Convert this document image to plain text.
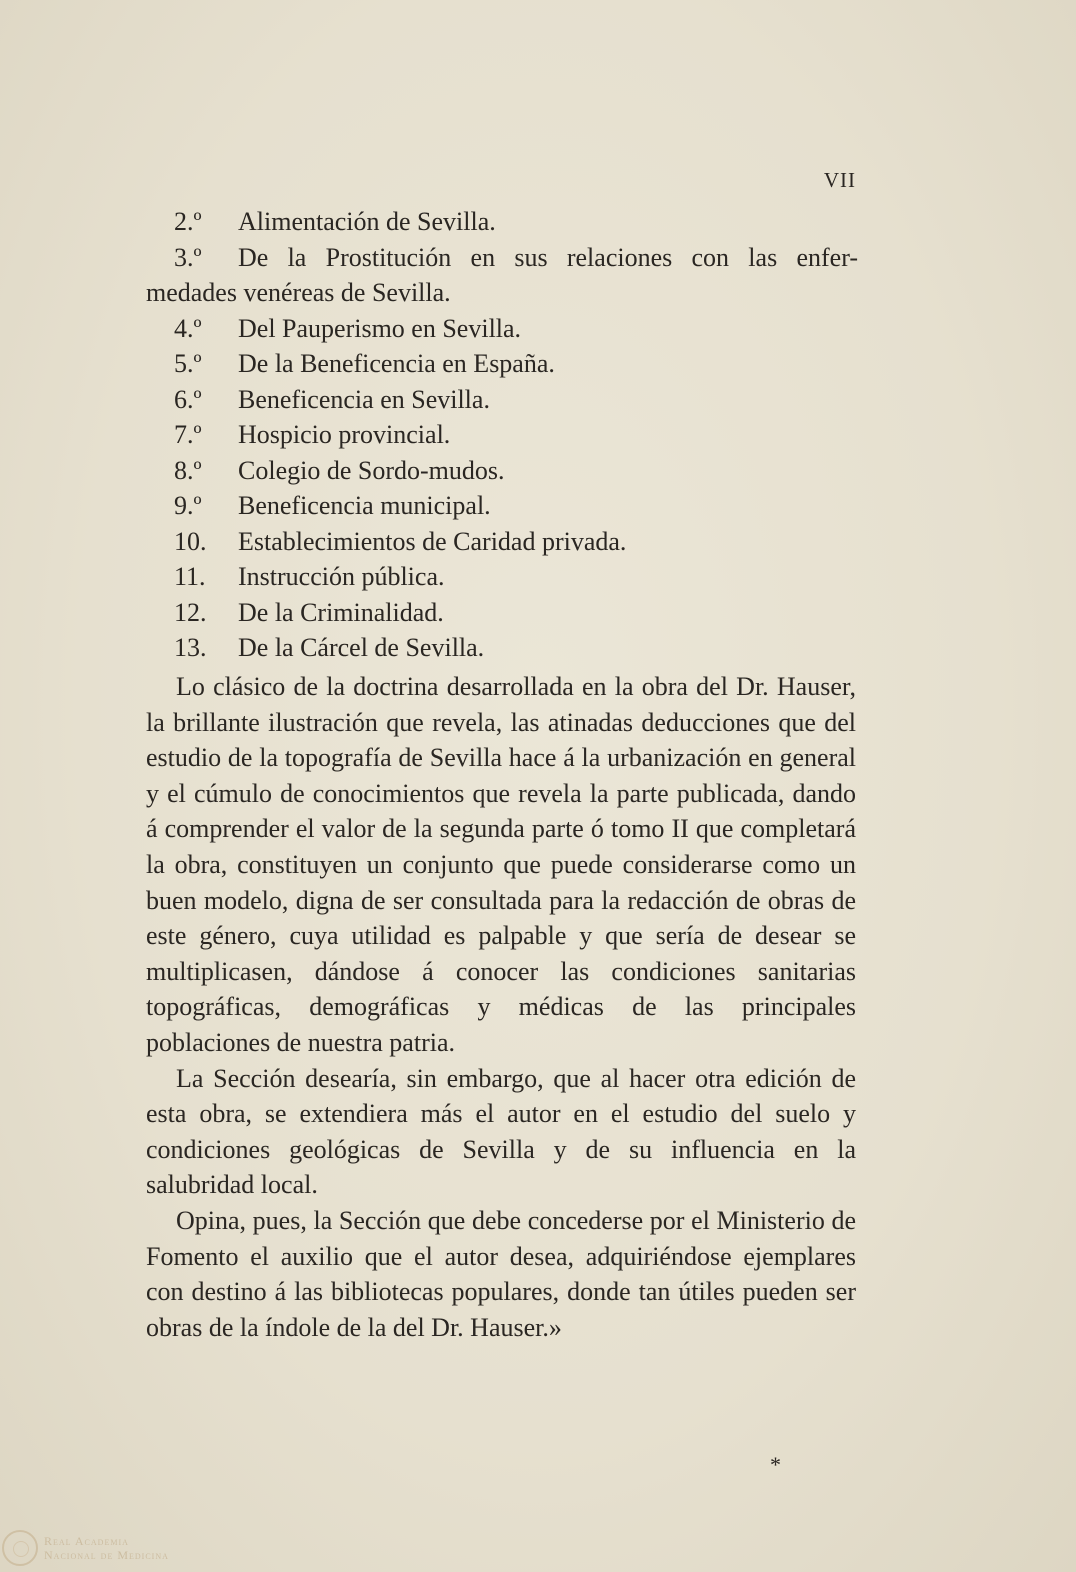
VII
2.º	Alimentación de Sevilla.
3.º	De la Prostitución en sus relaciones con las enfer-
medades venéreas de Sevilla.
4.º	Del Pauperismo en Sevilla.
5.º	De la Beneficencia en España.
6.º	Beneficencia en Sevilla.
7.º	Hospicio provincial.
8.º	Colegio de Sordo-mudos.
9.º	Beneficencia municipal.
10.	Establecimientos de Caridad privada.
11.	Instrucción pública.
12.	De la Criminalidad.
13.	De la Cárcel de Sevilla.

Lo clásico de la doctrina desarrollada en la obra del Dr. Hauser, la brillante ilustración que revela, las atinadas deducciones que del estudio de la topografía de Sevilla hace á la urbanización en general y el cúmulo de conocimientos que revela la parte publicada, dando á comprender el valor de la segunda parte ó tomo II que completará la obra, constituyen un conjunto que puede considerarse como un buen modelo, digna de ser consultada para la redacción de obras de este género, cuya utilidad es palpable y que sería de desear se multiplicasen, dándose á conocer las condiciones sanitarias topográficas, demográficas y médicas de las principales poblaciones de nuestra patria.

La Sección desearía, sin embargo, que al hacer otra edición de esta obra, se extendiera más el autor en el estudio del suelo y condiciones geológicas de Sevilla y de su influencia en la salubridad local.

Opina, pues, la Sección que debe concederse por el Ministerio de Fomento el auxilio que el autor desea, adquiriéndose ejemplares con destino á las bibliotecas populares, donde tan útiles pueden ser obras de la índole de la del Dr. Hauser.»

*
Real Academia
Nacional de Medicina
